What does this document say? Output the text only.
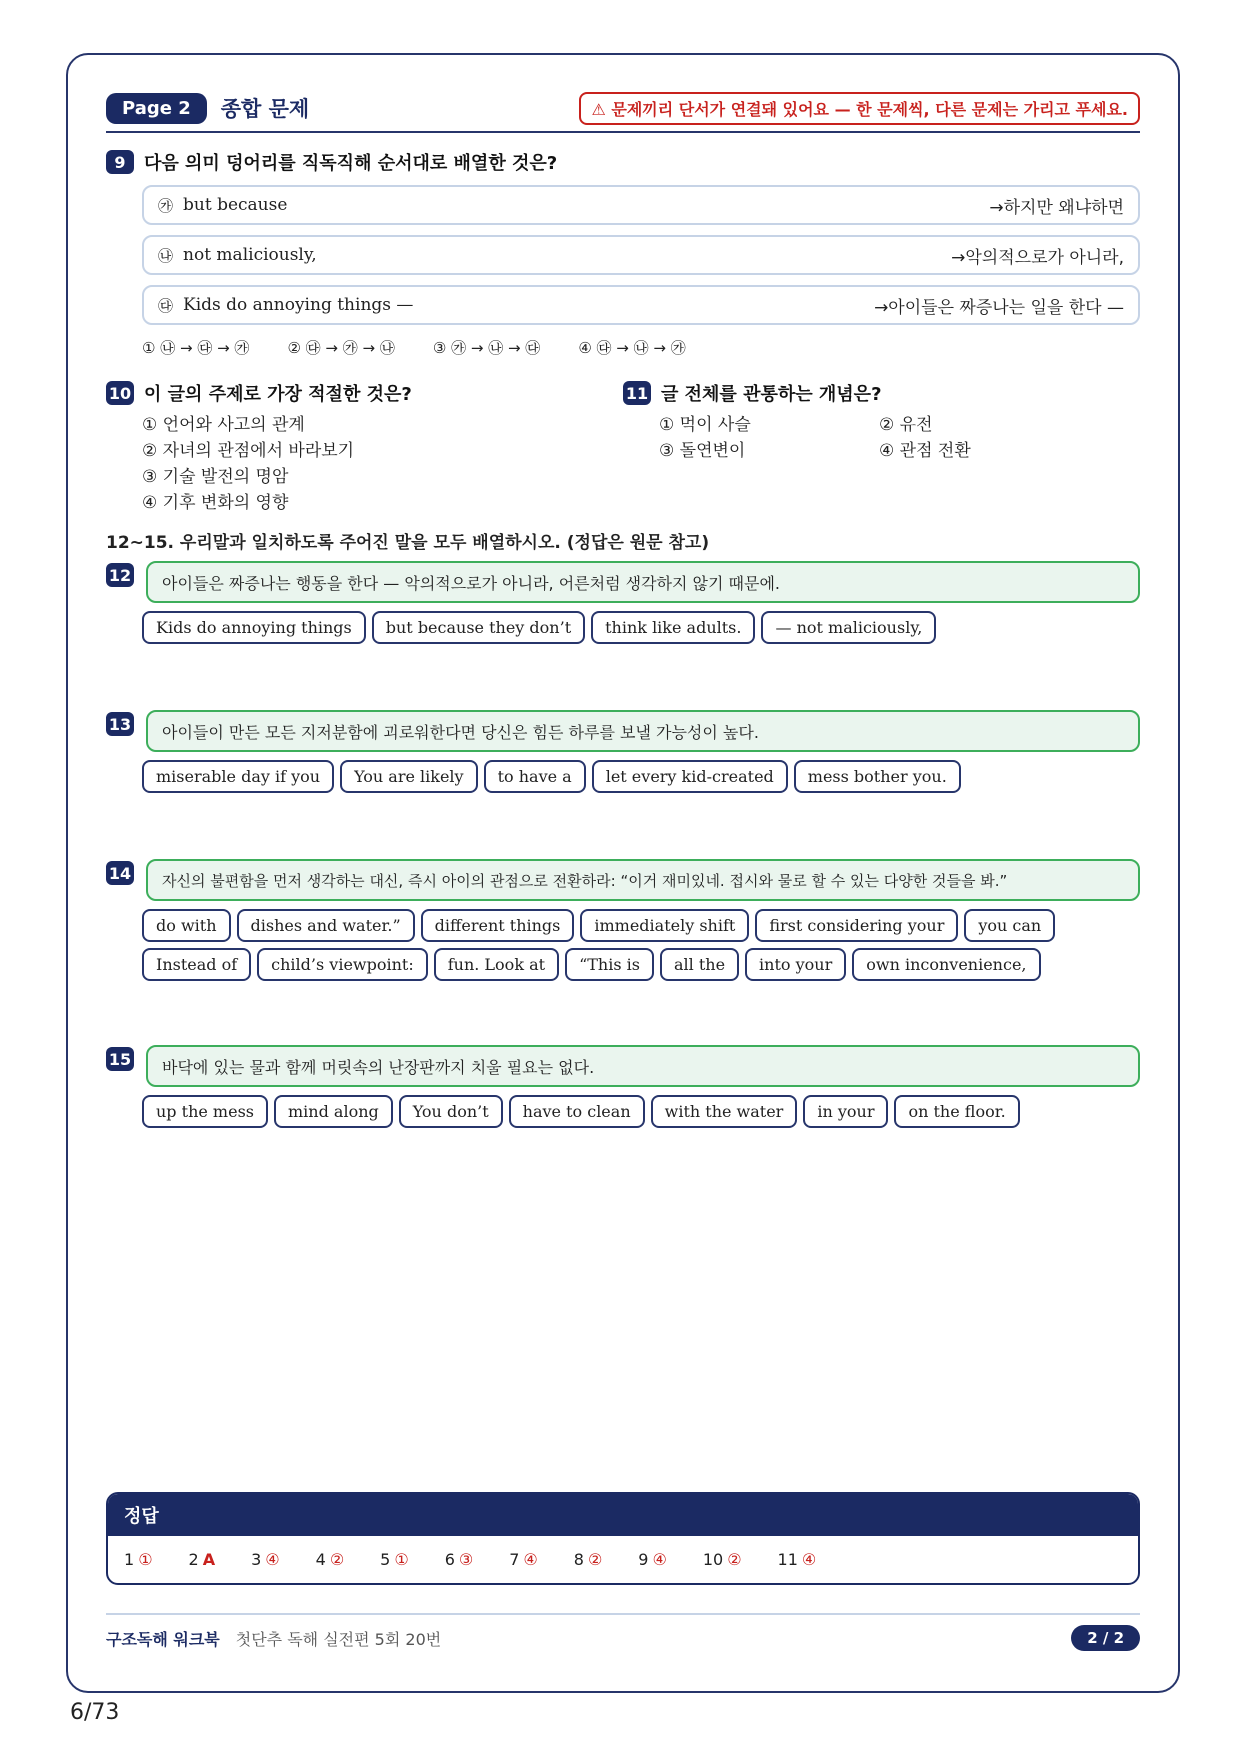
Page 2	종합 문제	⚠ 문제끼리 단서가 연결돼 있어요 — 한 문제씩, 다른 문제는 가리고 푸세요.
9	다음 의미 덩어리를 직독직해 순서대로 배열한 것은?
㉮ but because	→하지만 왜냐하면
㉯ not maliciously,	→악의적으로가 아니라,
㉰ Kids do annoying things —	→아이들은 짜증나는 일을 한다 —
① ㉯ → ㉰ → ㉮	② ㉰ → ㉮ → ㉯	③ ㉮ → ㉯ → ㉰	④ ㉰ → ㉯ → ㉮
10 이 글의 주제로 가장 적절한 것은?
① 언어와 사고의 관계
② 자녀의 관점에서 바라보기
③ 기술 발전의 명암
④ 기후 변화의 영향
11 글 전체를 관통하는 개념은?
① 먹이 사슬	② 유전
③ 돌연변이	④ 관점 전환
12~15. 우리말과 일치하도록 주어진 말을 모두 배열하시오. (정답은 원문 참고)
12	아이들은 짜증나는 행동을 한다 — 악의적으로가 아니라, 어른처럼 생각하지 않기 때문에.
Kids do annoying things	but because they don’t	think like adults.	— not maliciously,
13	아이들이 만든 모든 지저분함에 괴로워한다면 당신은 힘든 하루를 보낼 가능성이 높다.
miserable day if you	You are likely	to have a	let every kid-created	mess bother you.
14	자신의 불편함을 먼저 생각하는 대신, 즉시 아이의 관점으로 전환하라: “이거 재미있네. 접시와 물로 할 수 있는 다양한 것들을 봐.”
do with	dishes and water.”	different things	immediately shift	first considering your	you can
Instead of	child’s viewpoint:	fun. Look at	“This is	all the	into your	own inconvenience,
15	바닥에 있는 물과 함께 머릿속의 난장판까지 치울 필요는 없다.
up the mess	mind along	You don’t	have to clean	with the water	in your	on the floor.
정답
1 ①	2 A	3 ④	4 ②	5 ①	6 ③	7 ④	8 ②	9 ④	10 ②	11 ④
구조독해 워크북 첫단추 독해 실전편 5회 20번	2 / 2
6/73
